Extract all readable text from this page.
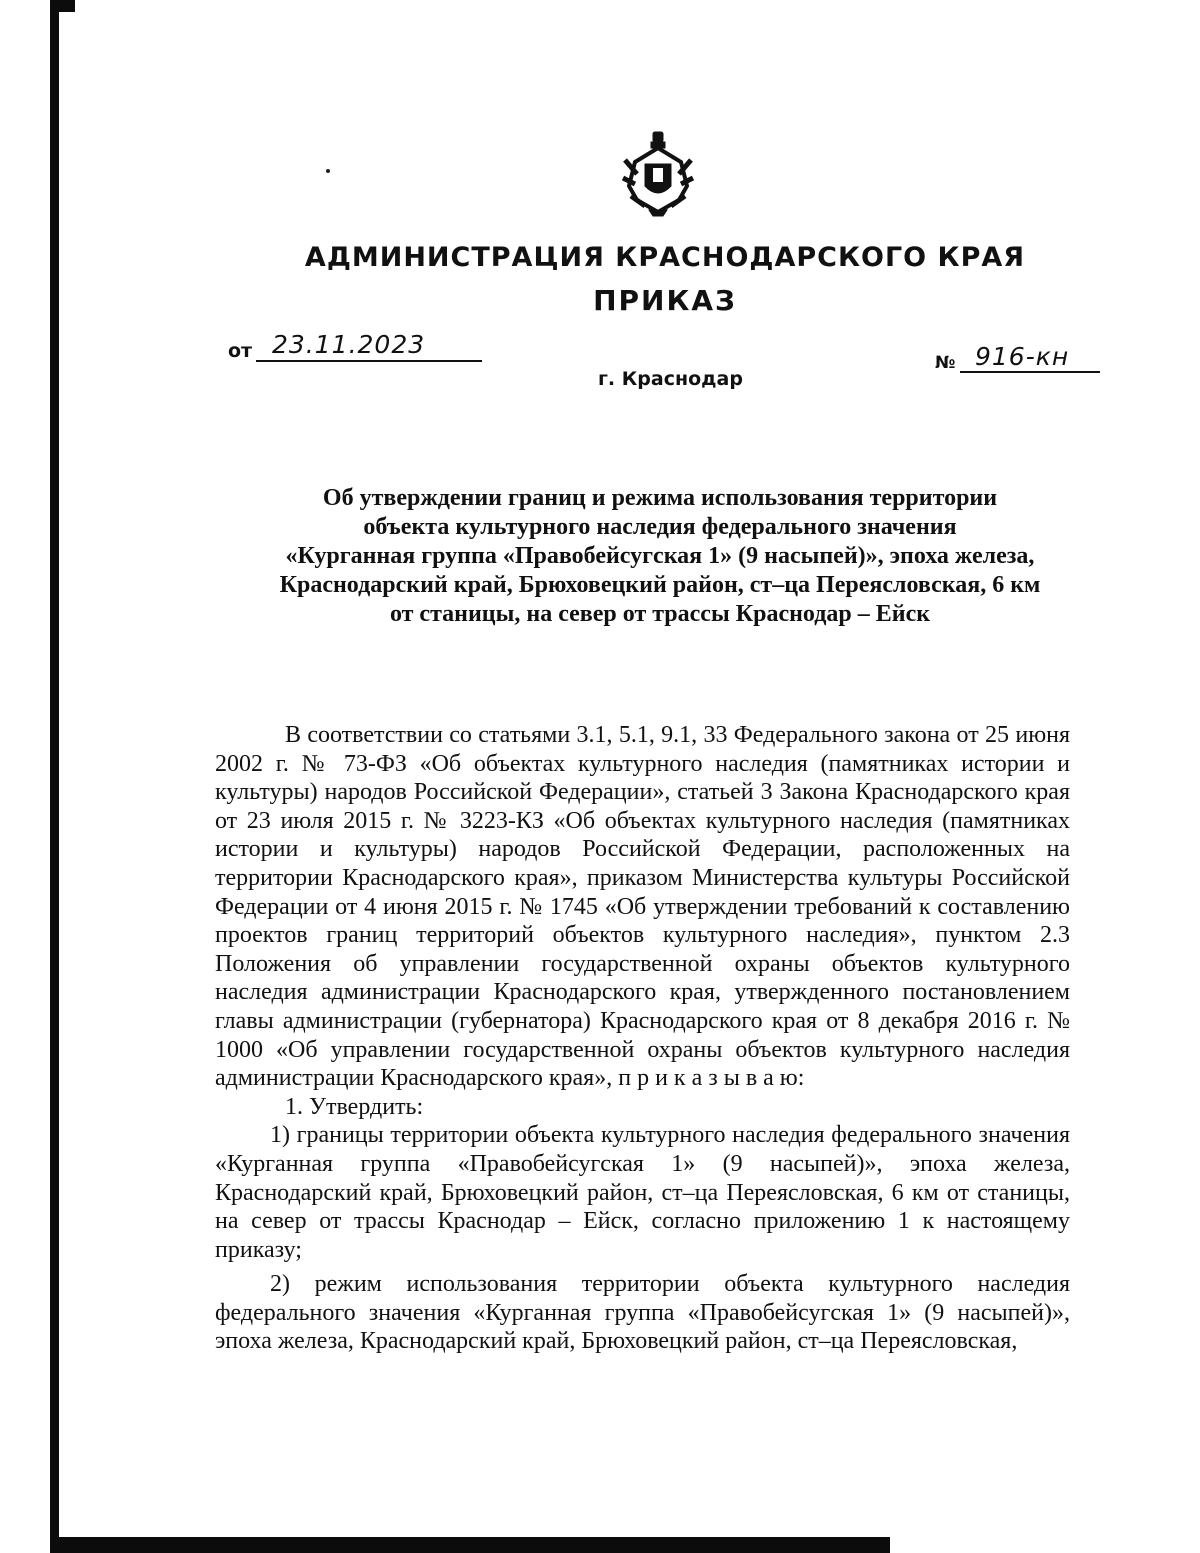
АДМИНИСТРАЦИЯ КРАСНОДАРСКОГО КРАЯ
ПРИКАЗ
от 23.11.2023
№ 916-кн
г. Краснодар
Об утверждении границ и режима использования территории
объекта культурного наследия федерального значения
«Курганная группа «Правобейсугская 1» (9 насыпей)», эпоха железа,
Краснодарский край, Брюховецкий район, ст–ца Переясловская, 6 км
от станицы, на север от трассы Краснодар – Ейск

В соответствии со статьями 3.1, 5.1, 9.1, 33 Федерального закона от 25 июня 2002 г. № 73-ФЗ «Об объектах культурного наследия (памятниках истории и культуры) народов Российской Федерации», статьей 3 Закона Краснодарского края от 23 июля 2015 г. № 3223-КЗ «Об объектах культурного наследия (памятниках истории и культуры) народов Российской Федерации, расположенных на территории Краснодарского края», приказом Министерства культуры Российской Федерации от 4 июня 2015 г. № 1745 «Об утверждении требований к составлению проектов границ территорий объектов культурного наследия», пунктом 2.3 Положения об управлении государственной охраны объектов культурного наследия администрации Краснодарского края, утвержденного постановлением главы администрации (губернатора) Краснодарского края от 8 декабря 2016 г. № 1000 «Об управлении государственной охраны объектов культурного наследия администрации Краснодарского края», п р и к а з ы в а ю:

1. Утвердить:

1) границы территории объекта культурного наследия федерального значения «Курганная группа «Правобейсугская 1» (9 насыпей)», эпоха железа, Краснодарский край, Брюховецкий район, ст–ца Переясловская, 6 км от станицы, на север от трассы Краснодар – Ейск, согласно приложению 1 к настоящему приказу;

2) режим использования территории объекта культурного наследия федерального значения «Курганная группа «Правобейсугская 1» (9 насыпей)», эпоха железа, Краснодарский край, Брюховецкий район, ст–ца Переясловская,
